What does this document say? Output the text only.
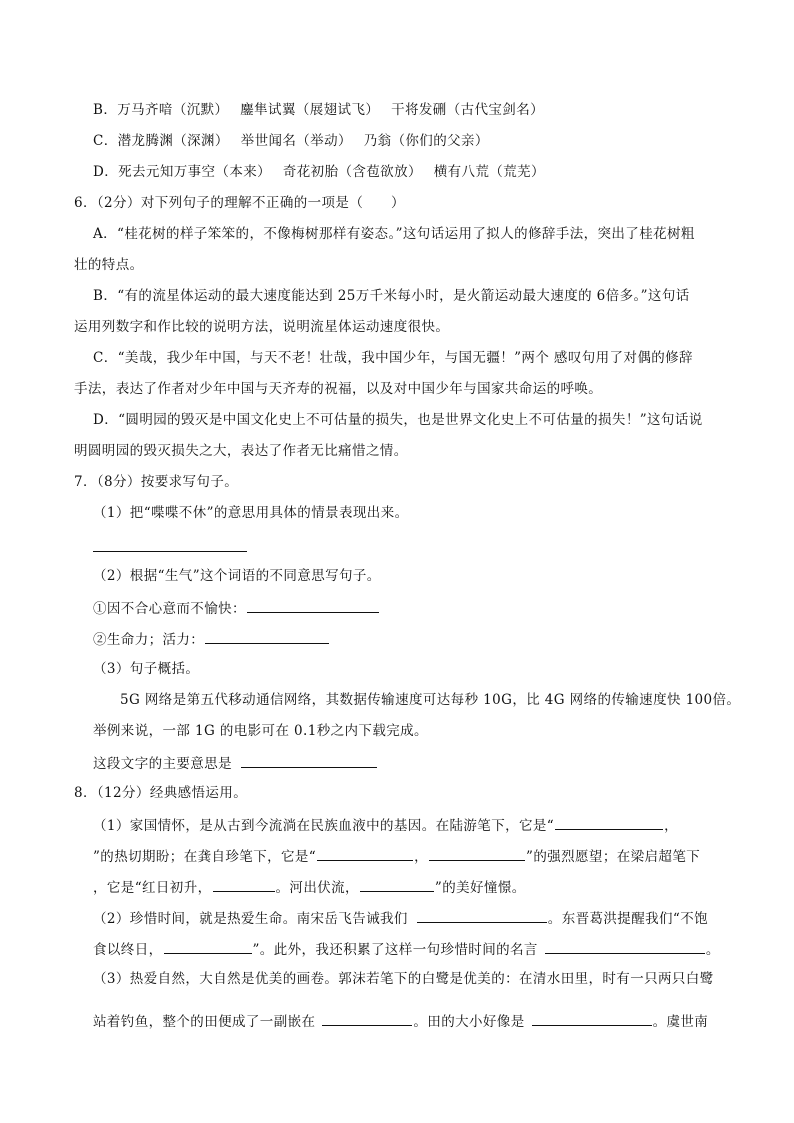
B．万马齐喑（沉默）　 鏖隼试翼（展翅试飞）　 干将发硎（古代宝剑名）
C．潜龙腾渊（深渊）　 举世闻名（举动）　 乃翁（你们的父亲）
D．死去元知万事空（本来）　 奇花初胎（含苞欲放）　 横有八荒（荒芜）
6．（2分）对下列句子的理解不正确的一项是（　　）
A．“桂花树的样子笨笨的，不像梅树那样有姿态。”这句话运用了拟人的修辞手法，突出了桂花树粗
壮的特点。
B．“有的流星体运动的最大速度能达到 25万千米每小时，是火箭运动最大速度的 6倍多。”这句话
运用列数字和作比较的说明方法，说明流星体运动速度很快。
C．“美哉，我少年中国，与天不老！壮哉，我中国少年，与国无疆！”两个 感叹句用了对偶的修辞
手法，表达了作者对少年中国与天齐寿的祝福，以及对中国少年与国家共命运的呼唤。
D．“圆明园的毁灭是中国文化史上不可估量的损失，也是世界文化史上不可估量的损失！”这句话说
明圆明园的毁灭损失之大，表达了作者无比痛惜之情。
7．（8分）按要求写句子。
（1）把“喋喋不休”的意思用具体的情景表现出来。
（2）根据“生气”这个词语的不同意思写句子。
①因不合心意而不愉快：
②生命力；活力：
（3）句子概括。
5G 网络是第五代移动通信网络，其数据传输速度可达每秒 10G，比 4G 网络的传输速度快 100倍。
举例来说，一部 1G 的电影可在 0.1秒之内下载完成。
这段文字的主要意思是
8．（12分）经典感悟运用。
（1）家国情怀，是从古到今流淌在民族血液中的基因。在陆游笔下，它是“	，
”的热切期盼；在龚自珍笔下，它是“	，	”的强烈愿望；在梁启超笔下
，它是“红日初升，	。河出伏流，	”的美好憧憬。
（2）珍惜时间，就是热爱生命。南宋岳飞告诫我们	。东晋葛洪提醒我们“不饱
食以终日，	”。此外，我还积累了这样一句珍惜时间的名言	。
（3）热爱自然，大自然是优美的画卷。郭沫若笔下的白鹭是优美的：在清水田里，时有一只两只白鹭
站着钓鱼，整个的田便成了一副嵌在	。田的大小好像是	。虞世南
